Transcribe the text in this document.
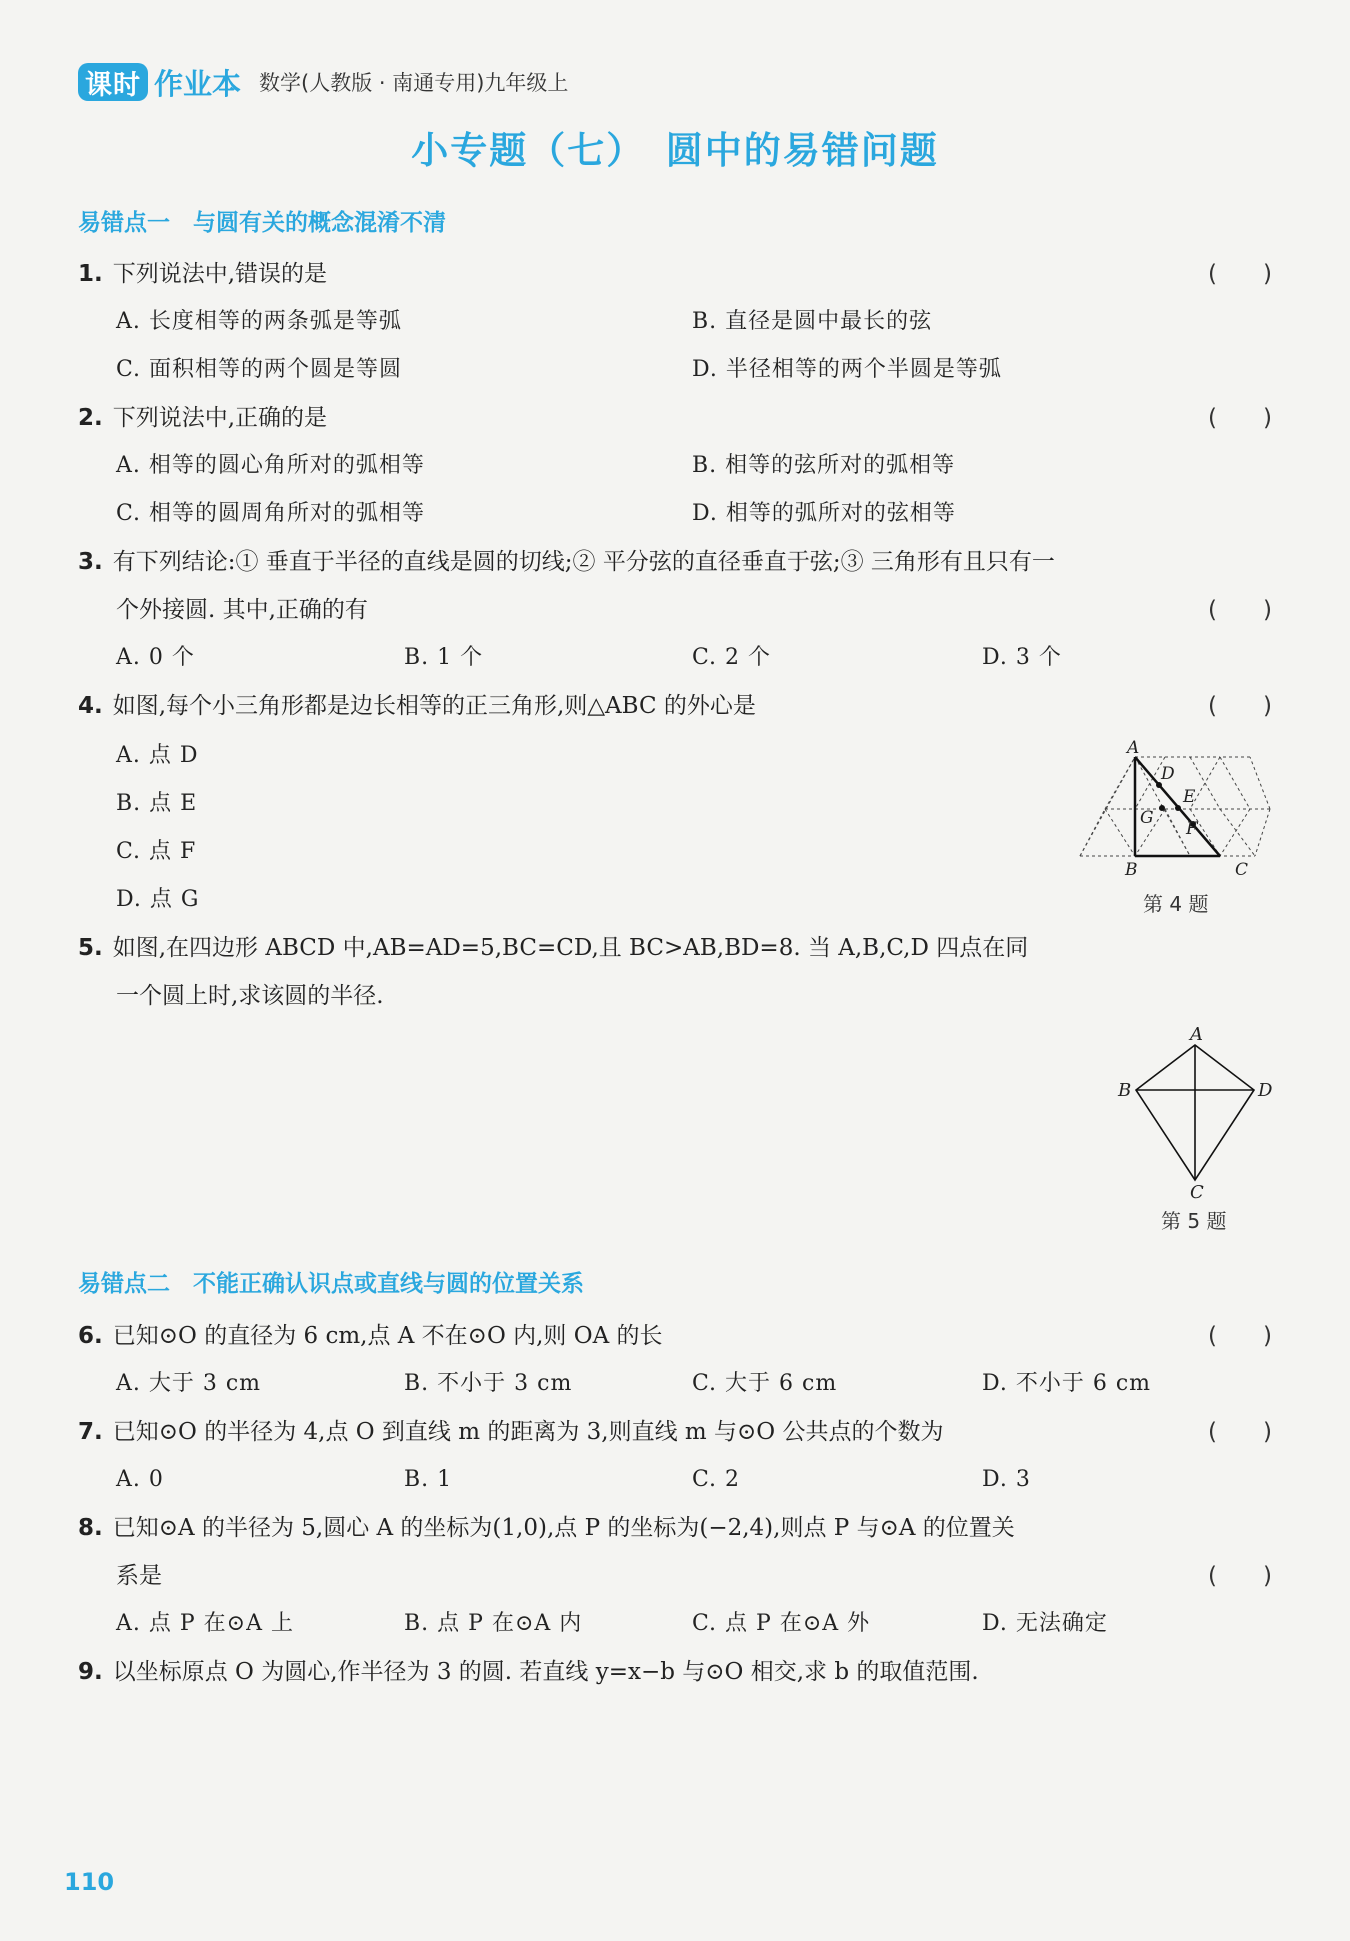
课时 作业本 数学(人教版 · 南通专用)九年级上
小专题（七）　圆中的易错问题
易错点一　与圆有关的概念混淆不清
1. 下列说法中,错误的是	(　　)
A. 长度相等的两条弧是等弧	B. 直径是圆中最长的弦
C. 面积相等的两个圆是等圆	D. 半径相等的两个半圆是等弧
2. 下列说法中,正确的是	(　　)
A. 相等的圆心角所对的弧相等	B. 相等的弦所对的弧相等
C. 相等的圆周角所对的弧相等	D. 相等的弧所对的弦相等
3. 有下列结论:① 垂直于半径的直线是圆的切线;② 平分弦的直径垂直于弦;③ 三角形有且只有一
个外接圆. 其中,正确的有	(　　)
A. 0 个	B. 1 个	C. 2 个	D. 3 个
4. 如图,每个小三角形都是边长相等的正三角形,则△ABC 的外心是	(　　)
A. 点 D
B. 点 E
C. 点 F
D. 点 G
A
B	C
D
E
F
G
第 4 题
5. 如图,在四边形 ABCD 中,AB=AD=5,BC=CD,且 BC>AB,BD=8. 当 A,B,C,D 四点在同
一个圆上时,求该圆的半径.
A
B
C
D
第 5 题
易错点二　不能正确认识点或直线与圆的位置关系
6. 已知⊙O 的直径为 6 cm,点 A 不在⊙O 内,则 OA 的长	(　　)
A. 大于 3 cm	B. 不小于 3 cm	C. 大于 6 cm	D. 不小于 6 cm
7. 已知⊙O 的半径为 4,点 O 到直线 m 的距离为 3,则直线 m 与⊙O 公共点的个数为	(　　)
A. 0	B. 1	C. 2	D. 3
8. 已知⊙A 的半径为 5,圆心 A 的坐标为(1,0),点 P 的坐标为(−2,4),则点 P 与⊙A 的位置关
系是	(　　)
A. 点 P 在⊙A 上	B. 点 P 在⊙A 内	C. 点 P 在⊙A 外	D. 无法确定
9. 以坐标原点 O 为圆心,作半径为 3 的圆. 若直线 y=x−b 与⊙O 相交,求 b 的取值范围.
110
